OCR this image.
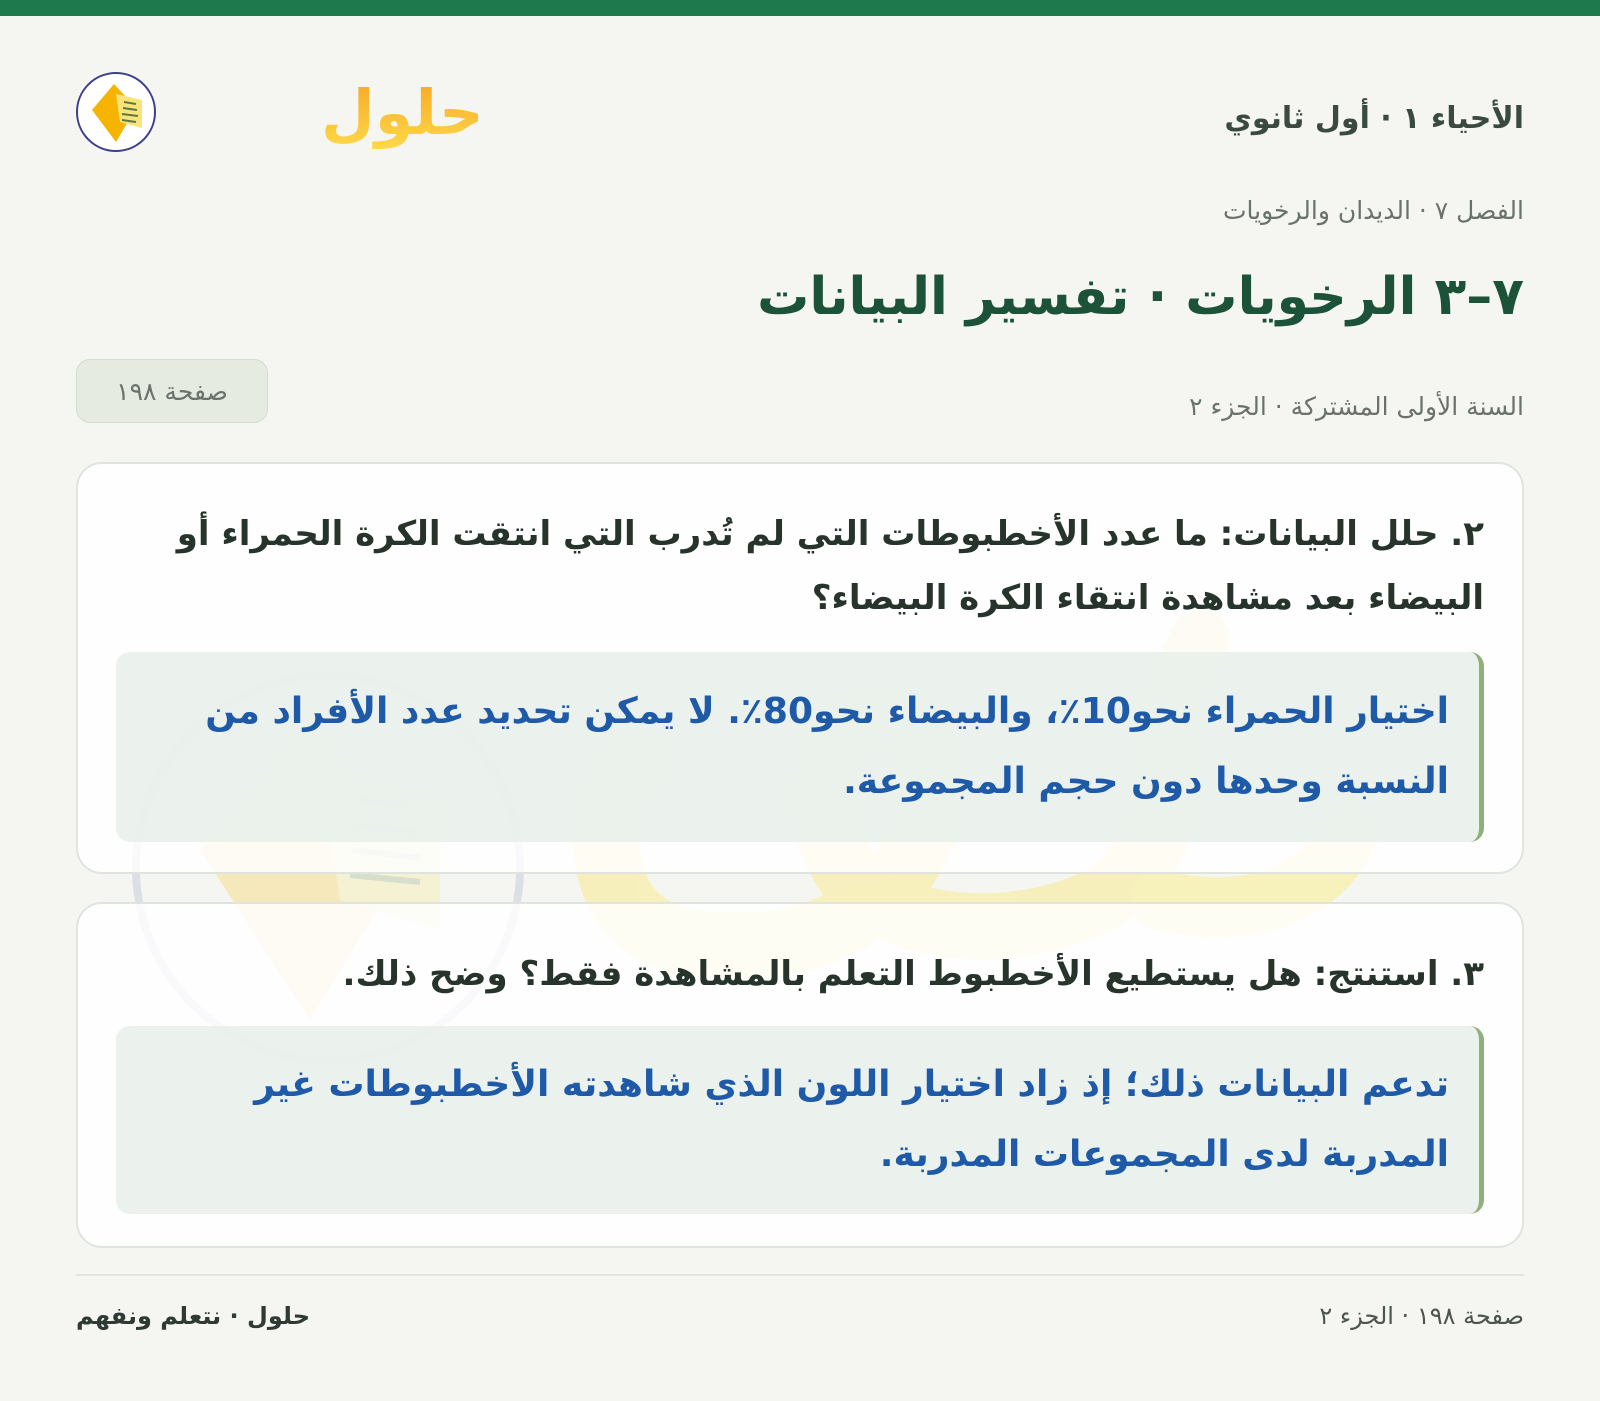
الأحياء ١ · أول ثانوي
حلول
الفصل ٧ · الديدان والرخويات
٧–٣ الرخويات · تفسير البيانات
السنة الأولى المشتركة · الجزء ٢
صفحة ١٩٨

٢. حلل البيانات: ما عدد الأخطبوطات التي لم تُدرب التي انتقت الكرة الحمراء أو البيضاء بعد مشاهدة انتقاء الكرة البيضاء؟

اختيار الحمراء نحو10٪، والبيضاء نحو80٪. لا يمكن تحديد عدد الأفراد من النسبة وحدها دون حجم المجموعة.

٣. استنتج: هل يستطيع الأخطبوط التعلم بالمشاهدة فقط؟ وضح ذلك.

تدعم البيانات ذلك؛ إذ زاد اختيار اللون الذي شاهدته الأخطبوطات غير المدربة لدى المجموعات المدربة.
صفحة ١٩٨ · الجزء ٢
حلول · نتعلم ونفهم
